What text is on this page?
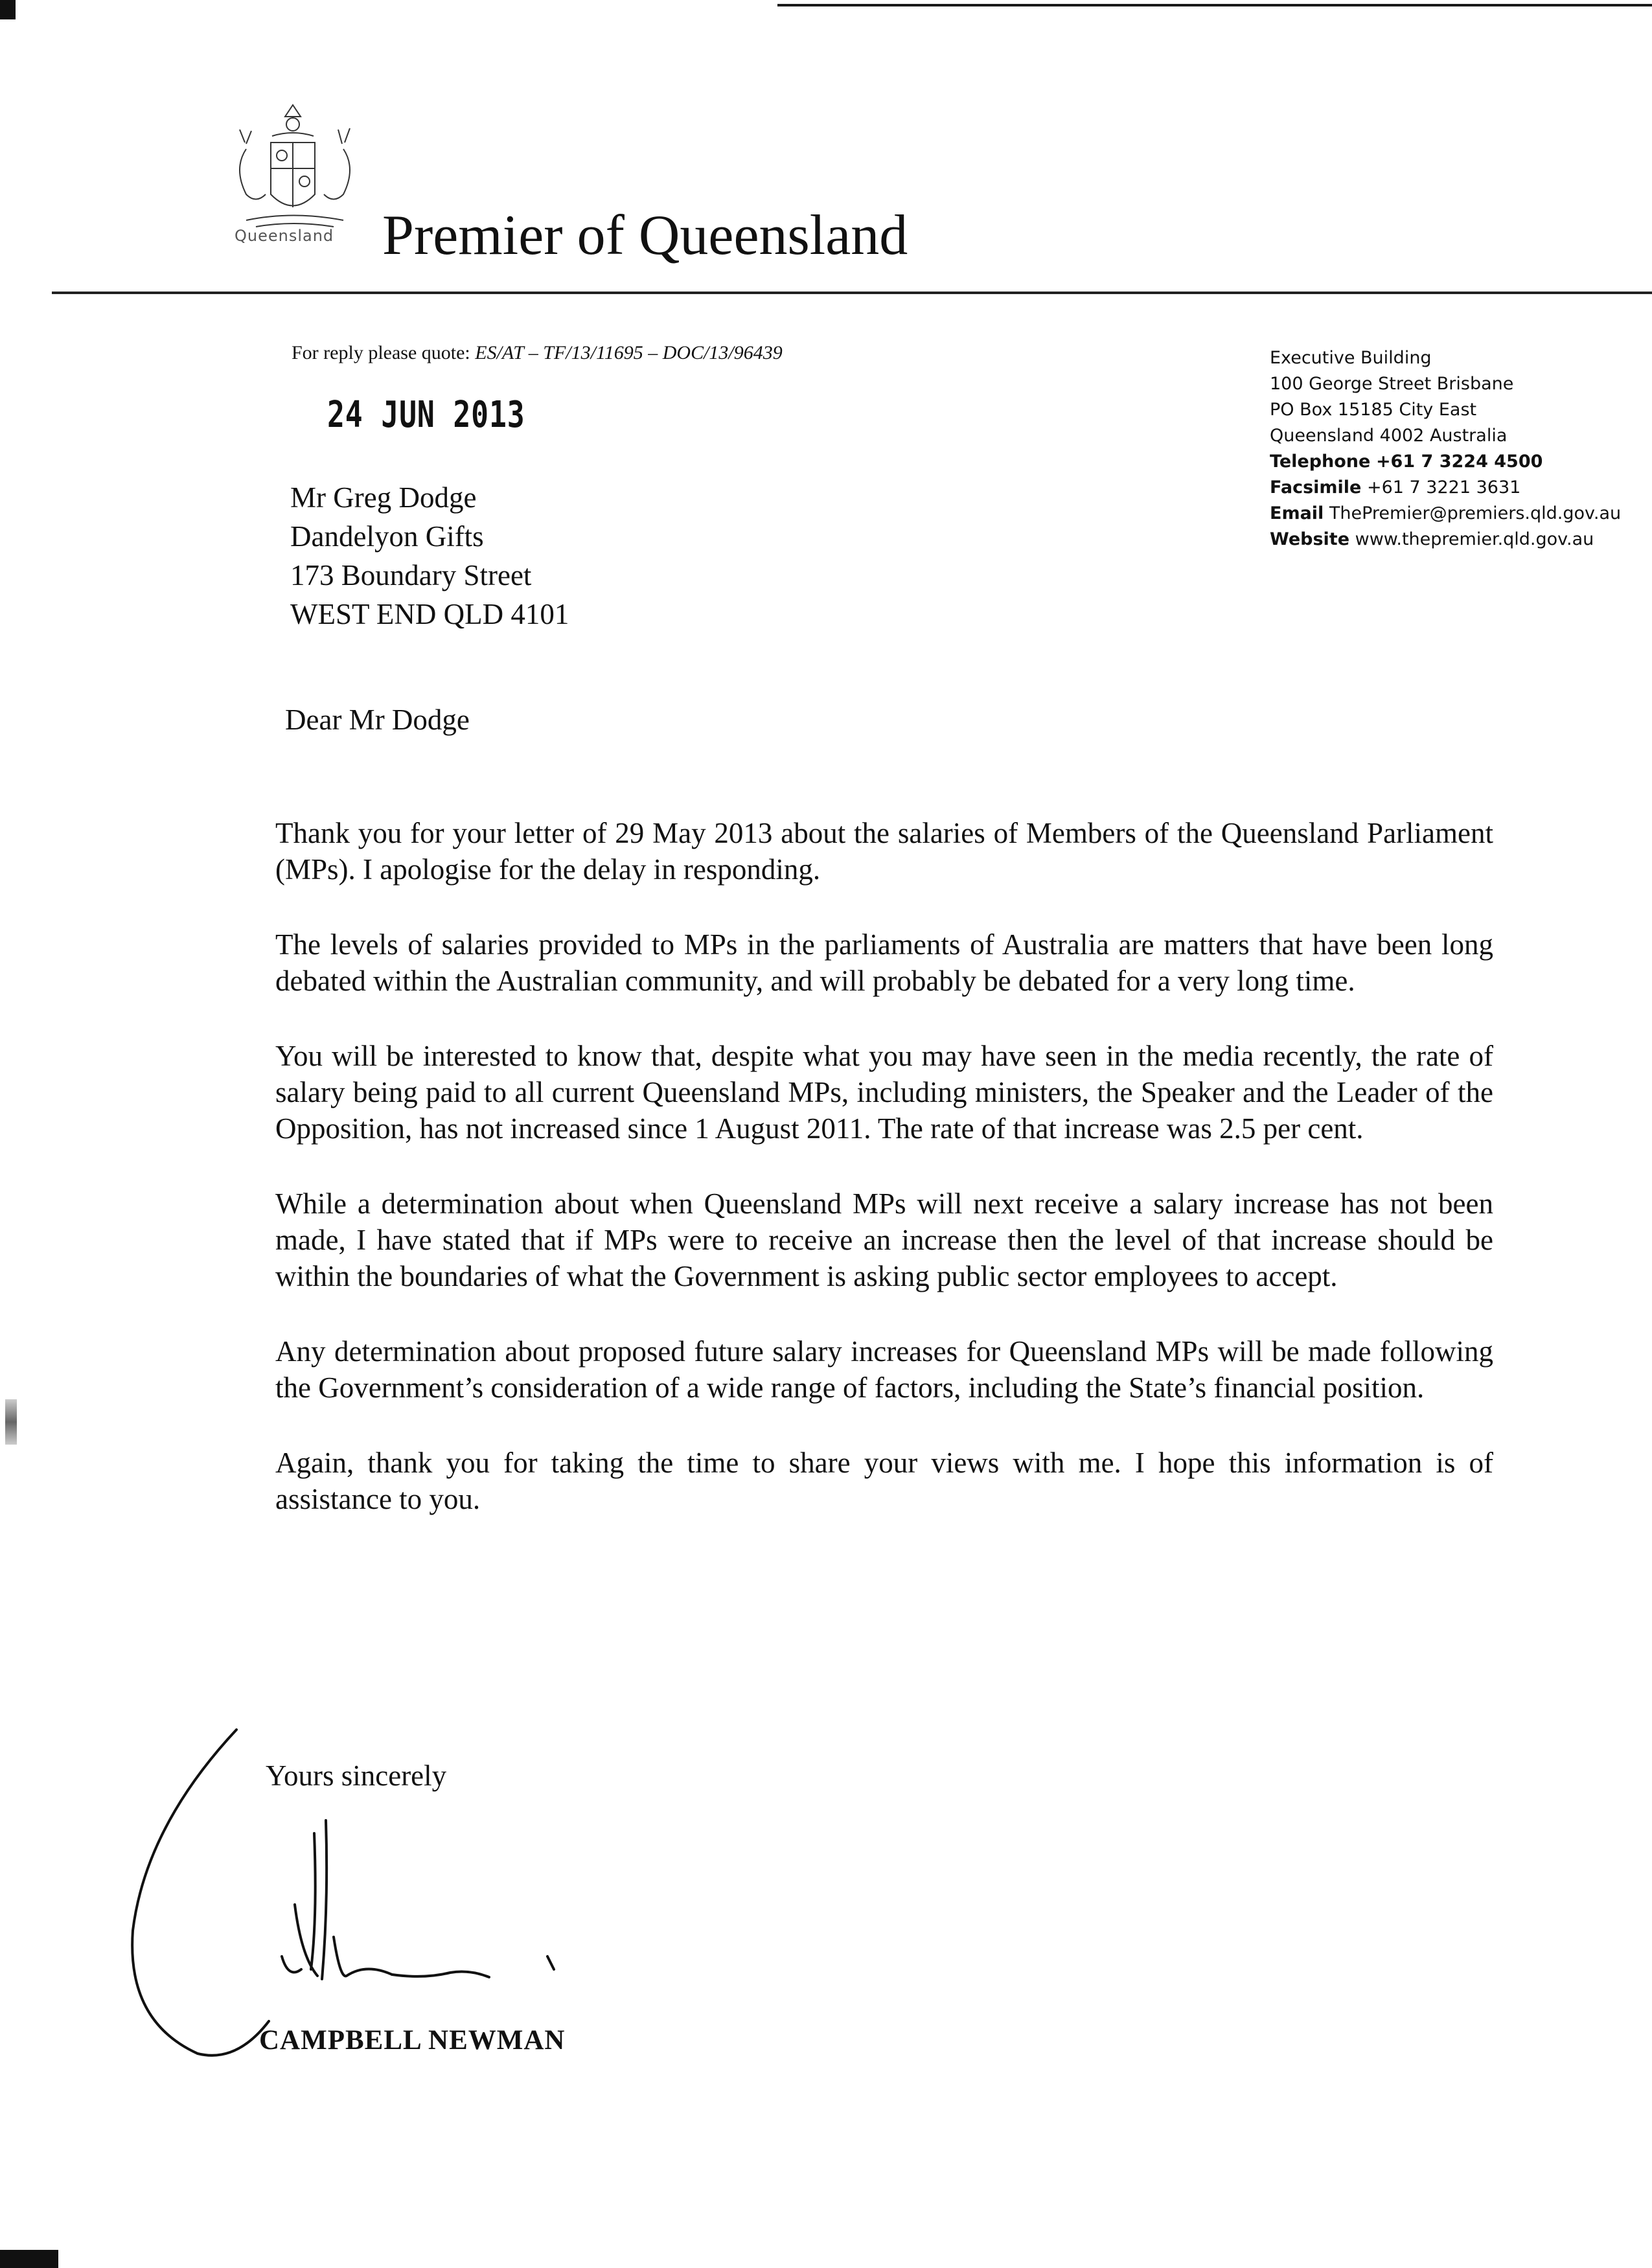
Queensland Premier of Queensland
For reply please quote: ES/AT – TF/13/11695 – DOC/13/96439
24 JUN 2013
Mr Greg Dodge
Dandelyon Gifts
173 Boundary Street
WEST END QLD 4101
Executive Building
100 George Street Brisbane
PO Box 15185 City East
Queensland 4002 Australia
Telephone +61 7 3224 4500
Facsimile +61 7 3221 3631
Email ThePremier@premiers.qld.gov.au
Website www.thepremier.qld.gov.au
Dear Mr Dodge

Thank you for your letter of 29 May 2013 about the salaries of Members of the Queensland Parliament (MPs). I apologise for the delay in responding.

The levels of salaries provided to MPs in the parliaments of Australia are matters that have been long debated within the Australian community, and will probably be debated for a very long time.

You will be interested to know that, despite what you may have seen in the media recently, the rate of salary being paid to all current Queensland MPs, including ministers, the Speaker and the Leader of the Opposition, has not increased since 1 August 2011. The rate of that increase was 2.5 per cent.

While a determination about when Queensland MPs will next receive a salary increase has not been made, I have stated that if MPs were to receive an increase then the level of that increase should be within the boundaries of what the Government is asking public sector employees to accept.

Any determination about proposed future salary increases for Queensland MPs will be made following the Government’s consideration of a wide range of factors, including the State’s financial position.

Again, thank you for taking the time to share your views with me. I hope this information is of assistance to you.

Yours sincerely
CAMPBELL NEWMAN
